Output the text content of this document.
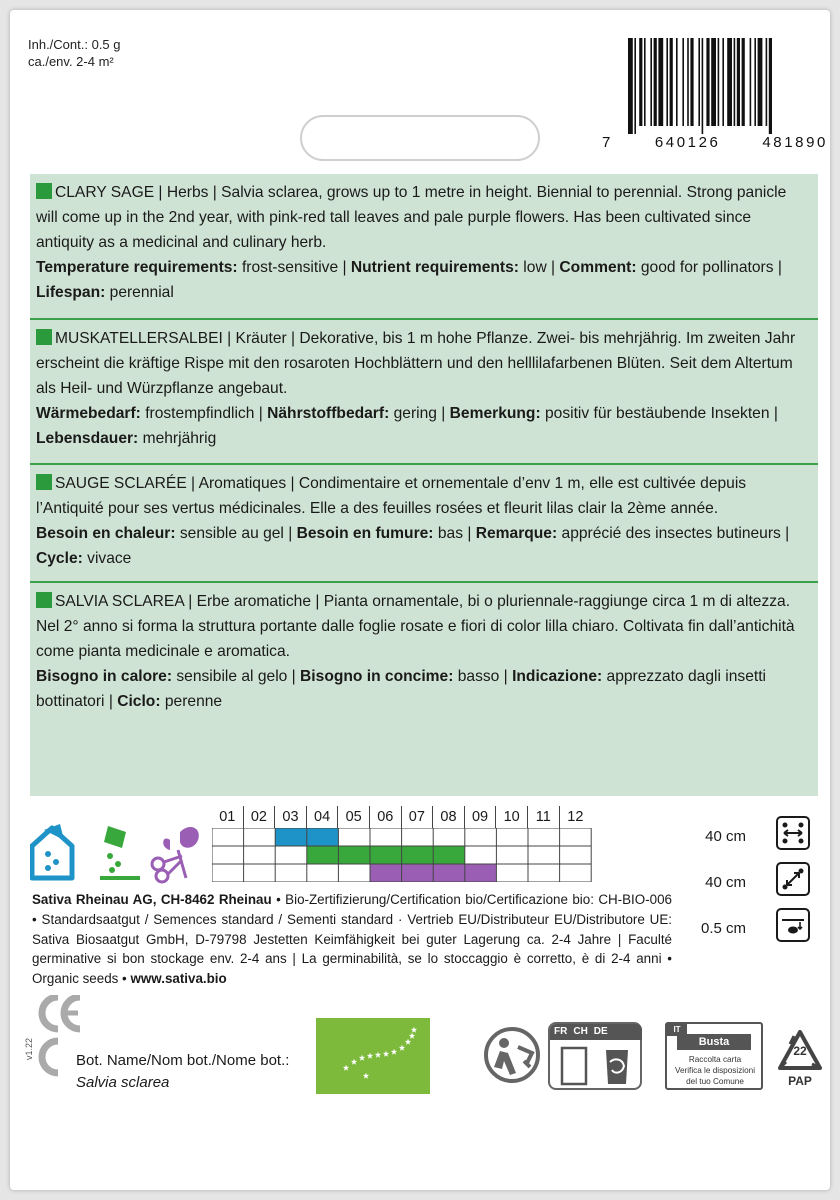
Inh./Cont.: 0.5 g
ca./env. 2-4 m²
7	640126	481890
CLARY SAGE | Herbs | Salvia sclarea, grows up to 1 metre in height. Biennial to perennial. Strong panicle will come up in the 2nd year, with pink-red tall leaves and pale purple flowers. Has been cultivated since antiquity as a medicinal and culinary herb.
Temperature requirements: frost-sensitive | Nutrient requirements: low | Comment: good for pollinators | Lifespan: perennial
MUSKATELLERSALBEI | Kräuter | Dekorative, bis 1 m hohe Pflanze. Zwei- bis mehrjährig. Im zweiten Jahr erscheint die kräftige Rispe mit den rosaroten Hochblättern und den helllilafarbenen Blüten. Seit dem Altertum als Heil- und Würzpflanze angebaut.
Wärmebedarf: frostempfindlich | Nährstoffbedarf: gering | Bemerkung: positiv für bestäubende Insekten | Lebensdauer: mehrjährig
SAUGE SCLARÉE | Aromatiques | Condimentaire et ornementale d’env 1 m, elle est cultivée depuis l’Antiquité pour ses vertus médicinales. Elle a des feuilles rosées et fleurit lilas clair la 2ème année.
Besoin en chaleur: sensible au gel | Besoin en fumure: bas | Remarque: apprécié des insectes butineurs | Cycle: vivace
SALVIA SCLAREA | Erbe aromatiche | Pianta ornamentale, bi o pluriennale-raggiunge circa 1 m di altezza. Nel 2° anno si forma la struttura portante dalle foglie rosate e fiori di color lilla chiaro. Coltivata fin dall’antichità come pianta medicinale e aromatica.
Bisogno in calore: sensibile al gelo | Bisogno in concime: basso | Indicazione: apprezzato dagli insetti bottinatori | Ciclo: perenne
01	02	03	04	05	06	07	08	09	10	11	12
40 cm
40 cm
0.5 cm
Sativa Rheinau AG, CH-8462 Rheinau • Bio-Zertifizierung/Certification bio/Certificazione bio: CH-BIO-006 • Standardsaatgut / Semences standard / Sementi standard · Vertrieb EU/Distributeur EU/Distributore UE: Sativa Biosaatgut GmbH, D-79798 Jestetten Keimfähigkeit bei guter Lagerung ca. 2-4 Jahre | Faculté germinative si bon stockage env. 2-4 ans | La germinabilità, se lo stoccaggio è corretto, è di 2-4 anni • Organic seeds • www.sativa.bio
v1.22
Bot. Name/Nom bot./Nome bot.:
Salvia sclarea
FR CH DE	IT
Busta
Raccolta carta
Verifica le disposizioni
del tuo Comune
22
PAP
